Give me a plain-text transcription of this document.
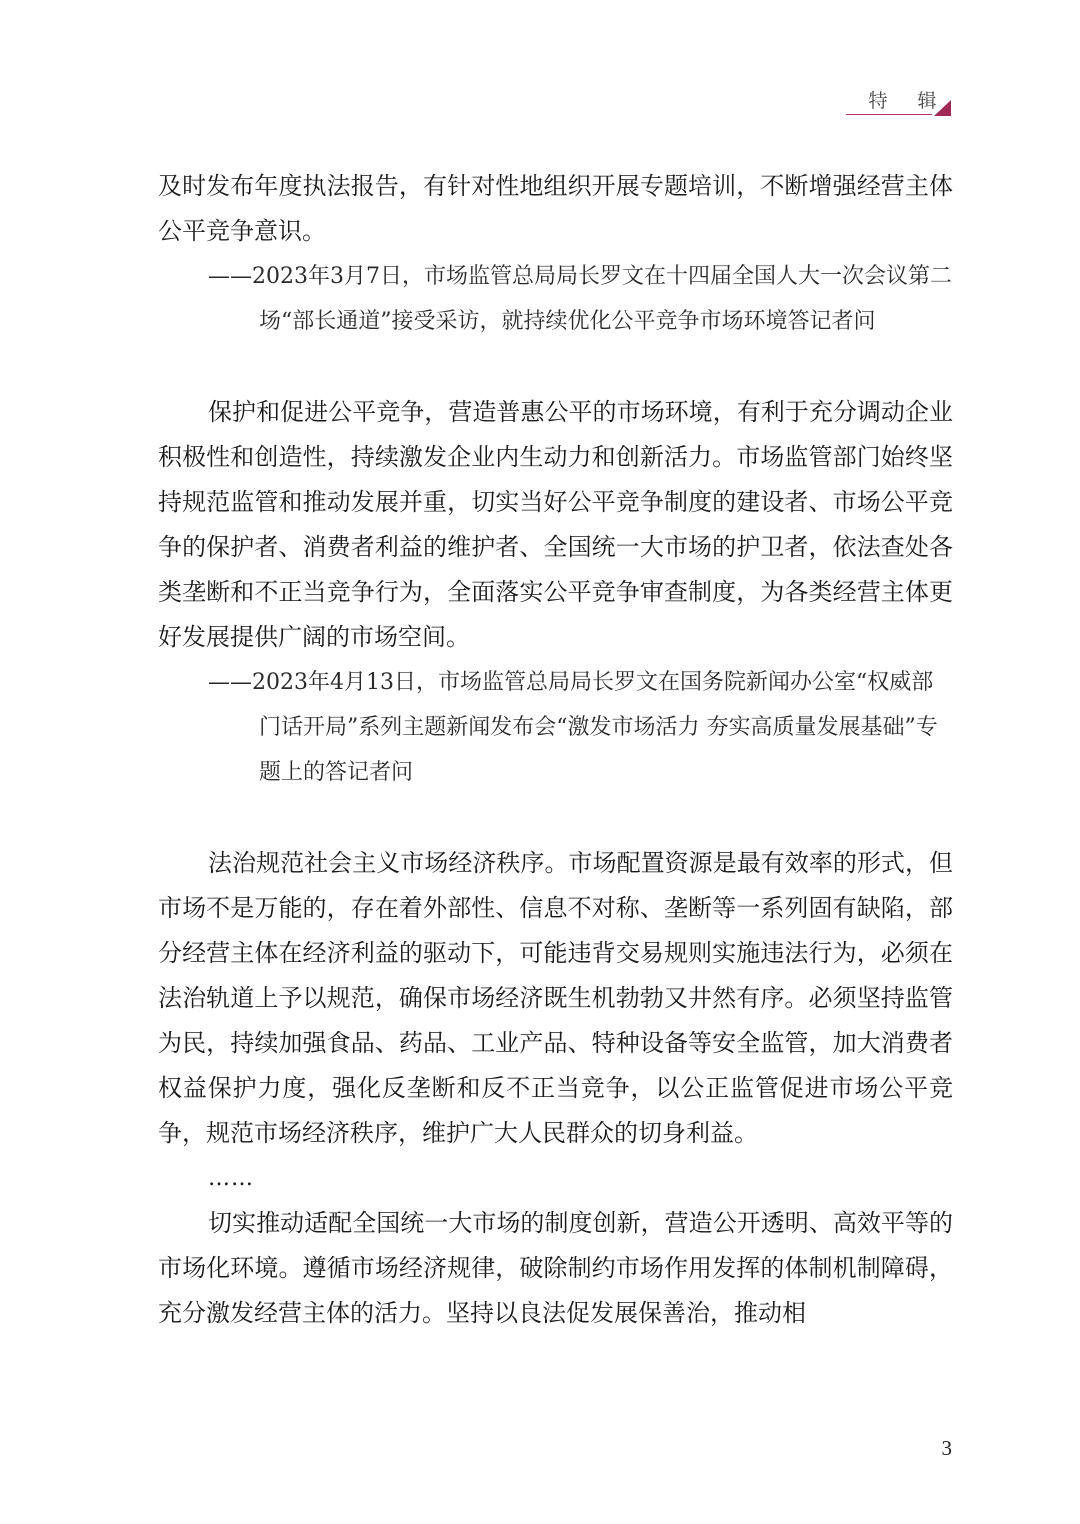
特 辑

及时发布年度执法报告，有针对性地组织开展专题培训，不断增强经营主体公平竞争意识。

——2023年3月7日，市场监管总局局长罗文在十四届全国人大一次会议第二场“部长通道”接受采访，就持续优化公平竞争市场环境答记者问

保护和促进公平竞争，营造普惠公平的市场环境，有利于充分调动企业积极性和创造性，持续激发企业内生动力和创新活力。市场监管部门始终坚持规范监管和推动发展并重，切实当好公平竞争制度的建设者、市场公平竞争的保护者、消费者利益的维护者、全国统一大市场的护卫者，依法查处各类垄断和不正当竞争行为，全面落实公平竞争审查制度，为各类经营主体更好发展提供广阔的市场空间。

——2023年4月13日，市场监管总局局长罗文在国务院新闻办公室“权威部门话开局”系列主题新闻发布会“激发市场活力 夯实高质量发展基础”专题上的答记者问

法治规范社会主义市场经济秩序。市场配置资源是最有效率的形式，但市场不是万能的，存在着外部性、信息不对称、垄断等一系列固有缺陷，部分经营主体在经济利益的驱动下，可能违背交易规则实施违法行为，必须在法治轨道上予以规范，确保市场经济既生机勃勃又井然有序。必须坚持监管为民，持续加强食品、药品、工业产品、特种设备等安全监管，加大消费者权益保护力度，强化反垄断和反不正当竞争，以公正监管促进市场公平竞争，规范市场经济秩序，维护广大人民群众的切身利益。

……

切实推动适配全国统一大市场的制度创新，营造公开透明、高效平等的市场化环境。遵循市场经济规律，破除制约市场作用发挥的体制机制障碍，充分激发经营主体的活力。坚持以良法促发展保善治，推动相

3
